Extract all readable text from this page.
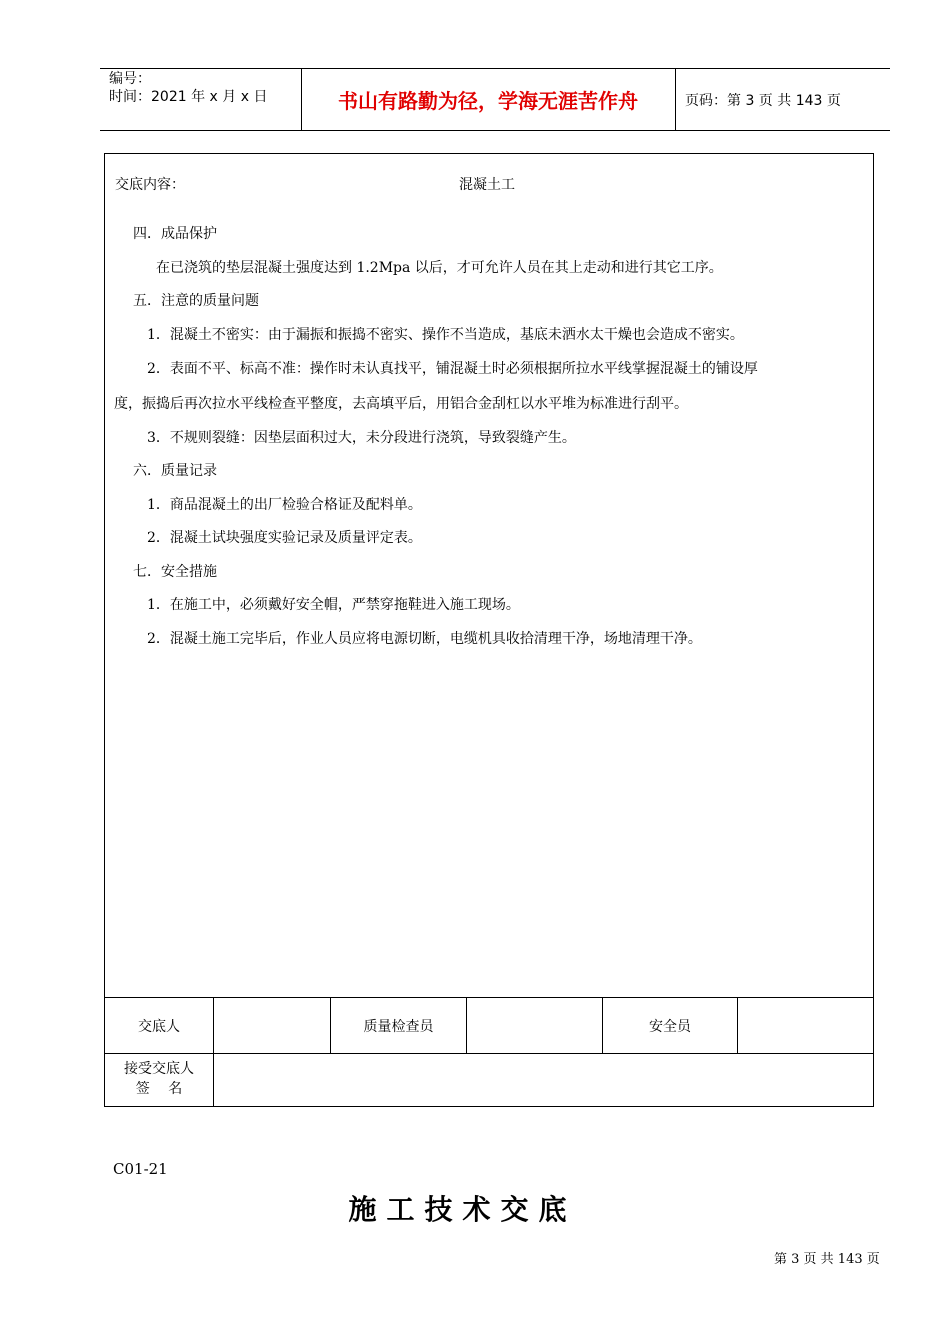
编号：
时间：2021 年 x 月 x 日	书山有路勤为径，学海无涯苦作舟	页码：第 3 页 共 143 页
交底内容：	混凝土工
四．成品保护
在已浇筑的垫层混凝土强度达到 1.2Mpa 以后，才可允许人员在其上走动和进行其它工序。
五．注意的质量问题
1．混凝土不密实：由于漏振和振捣不密实、操作不当造成，基底未洒水太干燥也会造成不密实。
2．表面不平、标高不准：操作时未认真找平，铺混凝土时必须根据所拉水平线掌握混凝土的铺设厚
度，振捣后再次拉水平线检查平整度，去高填平后，用铝合金刮杠以水平堆为标准进行刮平。
3．不规则裂缝：因垫层面积过大，未分段进行浇筑，导致裂缝产生。
六．质量记录
1．商品混凝土的出厂检验合格证及配料单。
2．混凝土试块强度实验记录及质量评定表。
七．安全措施
1．在施工中，必须戴好安全帽，严禁穿拖鞋进入施工现场。
2．混凝土施工完毕后，作业人员应将电源切断，电缆机具收拾清理干净，场地清理干净。
交底人	质量检查员	安全员
接受交底人
签　 名
C01-21
施工技术交底
第 3 页 共 143 页
